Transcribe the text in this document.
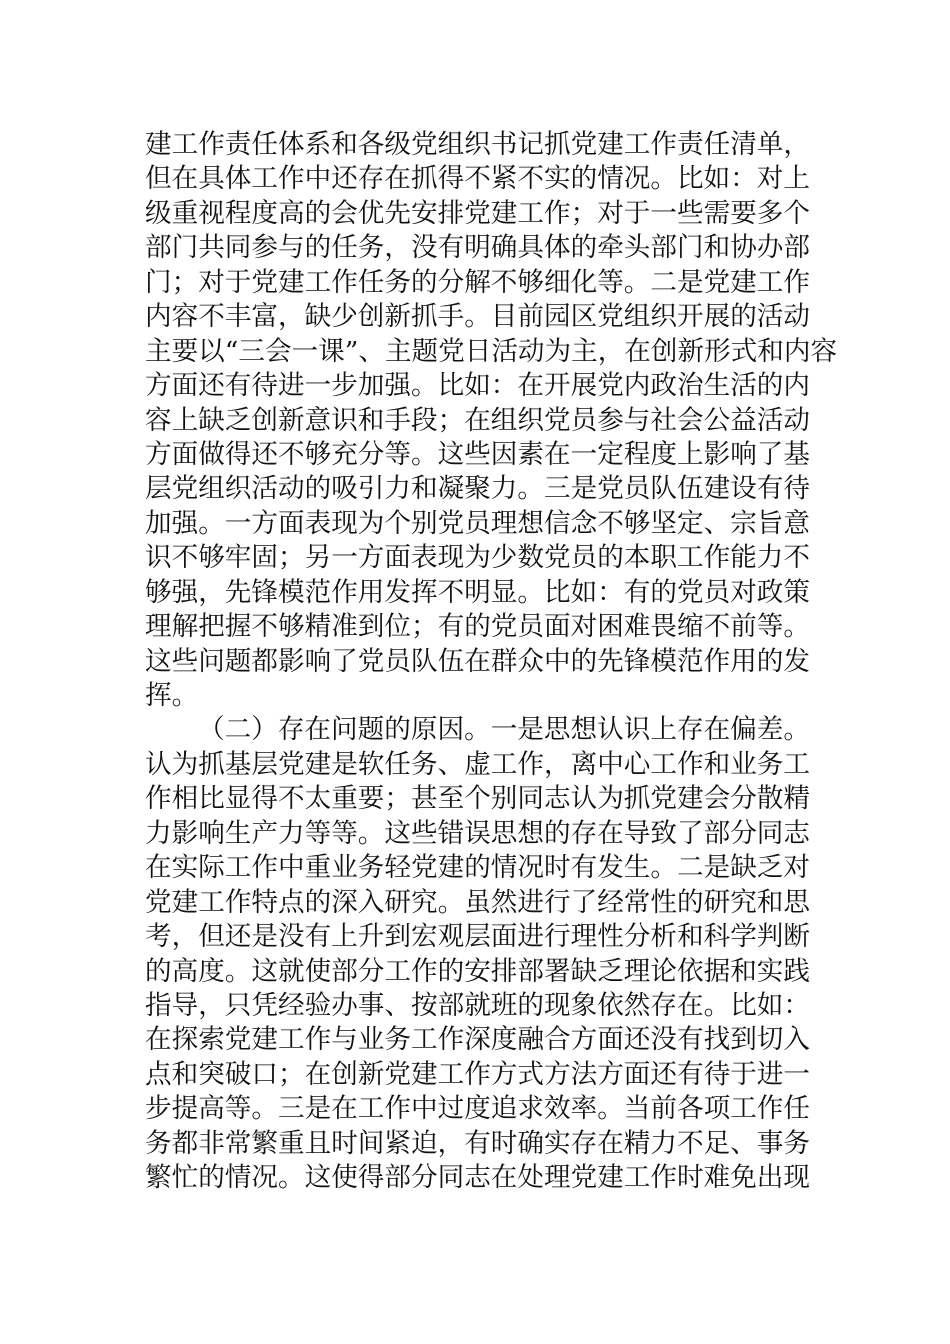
建工作责任体系和各级党组织书记抓党建工作责任清单，
但在具体工作中还存在抓得不紧不实的情况。比如：对上
级重视程度高的会优先安排党建工作；对于一些需要多个
部门共同参与的任务，没有明确具体的牵头部门和协办部
门；对于党建工作任务的分解不够细化等。二是党建工作
内容不丰富，缺少创新抓手。目前园区党组织开展的活动
主要以“三会一课”、主题党日活动为主，在创新形式和内容
方面还有待进一步加强。比如：在开展党内政治生活的内
容上缺乏创新意识和手段；在组织党员参与社会公益活动
方面做得还不够充分等。这些因素在一定程度上影响了基
层党组织活动的吸引力和凝聚力。三是党员队伍建设有待
加强。一方面表现为个别党员理想信念不够坚定、宗旨意
识不够牢固；另一方面表现为少数党员的本职工作能力不
够强，先锋模范作用发挥不明显。比如：有的党员对政策
理解把握不够精准到位；有的党员面对困难畏缩不前等。
这些问题都影响了党员队伍在群众中的先锋模范作用的发
挥。
（二）存在问题的原因。一是思想认识上存在偏差。
认为抓基层党建是软任务、虚工作，离中心工作和业务工
作相比显得不太重要；甚至个别同志认为抓党建会分散精
力影响生产力等等。这些错误思想的存在导致了部分同志
在实际工作中重业务轻党建的情况时有发生。二是缺乏对
党建工作特点的深入研究。虽然进行了经常性的研究和思
考，但还是没有上升到宏观层面进行理性分析和科学判断
的高度。这就使部分工作的安排部署缺乏理论依据和实践
指导，只凭经验办事、按部就班的现象依然存在。比如：
在探索党建工作与业务工作深度融合方面还没有找到切入
点和突破口；在创新党建工作方式方法方面还有待于进一
步提高等。三是在工作中过度追求效率。当前各项工作任
务都非常繁重且时间紧迫，有时确实存在精力不足、事务
繁忙的情况。这使得部分同志在处理党建工作时难免出现
